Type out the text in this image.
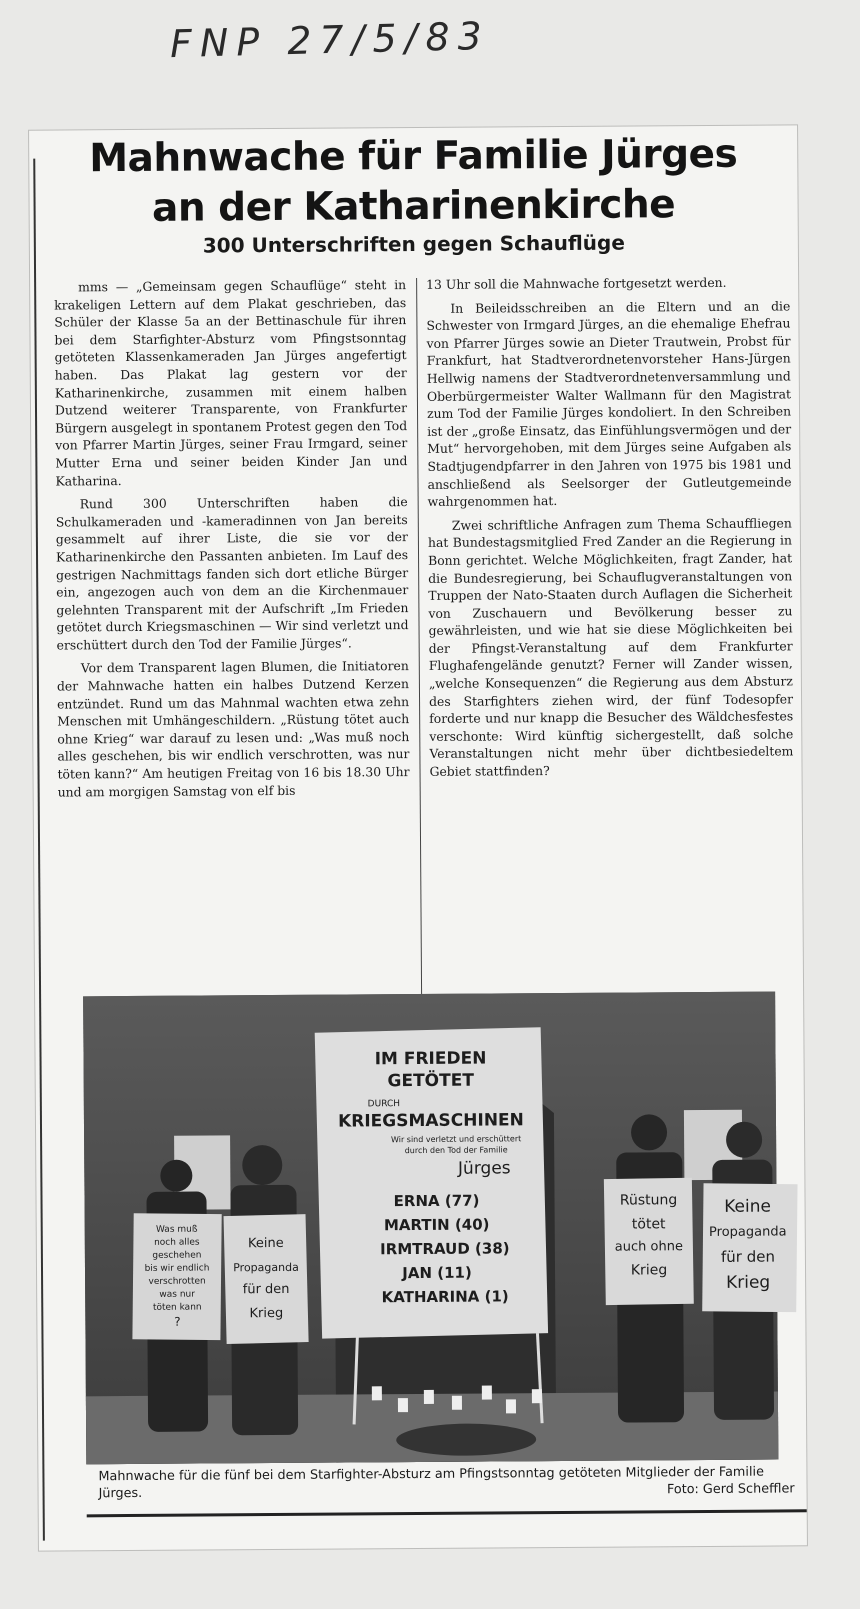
FNP 27/5/83
Mahnwache für Familie Jürges
an der Katharinenkirche
300 Unterschriften gegen Schauflüge

mms — „Gemeinsam gegen Schauflüge“ steht in krakeligen Lettern auf dem Plakat geschrieben, das Schüler der Klasse 5a an der Bettinaschule für ihren bei dem Starfighter-Absturz vom Pfingstsonntag getöteten Klassenkameraden Jan Jürges angefertigt haben. Das Plakat lag gestern vor der Katharinenkirche, zusammen mit einem halben Dutzend weiterer Transparente, von Frankfurter Bürgern ausgelegt in spontanem Protest gegen den Tod von Pfarrer Martin Jürges, seiner Frau Irmgard, seiner Mutter Erna und seiner beiden Kinder Jan und Katharina.

Rund 300 Unterschriften haben die Schulkameraden und -kameradinnen von Jan bereits gesammelt auf ihrer Liste, die sie vor der Katharinenkirche den Passanten anbieten. Im Lauf des gestrigen Nachmittags fanden sich dort etliche Bürger ein, angezogen auch von dem an die Kirchenmauer gelehnten Transparent mit der Aufschrift „Im Frieden getötet durch Kriegsmaschinen — Wir sind verletzt und erschüttert durch den Tod der Familie Jürges“.

Vor dem Transparent lagen Blumen, die Initiatoren der Mahnwache hatten ein halbes Dutzend Kerzen entzündet. Rund um das Mahnmal wachten etwa zehn Menschen mit Umhängeschildern. „Rüstung tötet auch ohne Krieg“ war darauf zu lesen und: „Was muß noch alles geschehen, bis wir endlich verschrotten, was nur töten kann?“ Am heutigen Freitag von 16 bis 18.30 Uhr und am morgigen Samstag von elf bis

13 Uhr soll die Mahnwache fortgesetzt werden.

In Beileidsschreiben an die Eltern und an die Schwester von Irmgard Jürges, an die ehemalige Ehefrau von Pfarrer Jürges sowie an Dieter Trautwein, Probst für Frankfurt, hat Stadtverordnetenvorsteher Hans-Jürgen Hellwig namens der Stadtverordnetenversammlung und Oberbürgermeister Walter Wallmann für den Magistrat zum Tod der Familie Jürges kondoliert. In den Schreiben ist der „große Einsatz, das Einfühlungsvermögen und der Mut“ hervorgehoben, mit dem Jürges seine Aufgaben als Stadtjugendpfarrer in den Jahren von 1975 bis 1981 und anschließend als Seelsorger der Gutleutgemeinde wahrgenommen hat.

Zwei schriftliche Anfragen zum Thema Schauffliegen hat Bundestagsmitglied Fred Zander an die Regierung in Bonn gerichtet. Welche Möglichkeiten, fragt Zander, hat die Bundesregierung, bei Schauflugveranstaltungen von Truppen der Nato-Staaten durch Auflagen die Sicherheit von Zuschauern und Bevölkerung besser zu gewährleisten, und wie hat sie diese Möglichkeiten bei der Pfingst-Veranstaltung auf dem Frankfurter Flughafengelände genutzt? Ferner will Zander wissen, „welche Konsequenzen“ die Regierung aus dem Absturz des Starfighters ziehen wird, der fünf Todesopfer forderte und nur knapp die Besucher des Wäldchesfestes verschonte: Wird künftig sichergestellt, daß solche Veranstaltungen nicht mehr über dichtbesiedeltem Gebiet stattfinden?

IM FRIEDEN
GETÖTET
DURCH
KRIEGSMASCHINEN
Wir sind verletzt und erschüttert
durch den Tod der Familie
Jürges
ERNA (77)
MARTIN (40)
IRMTRAUD (38)
JAN (11)
KATHARINA (1)
Was muß
noch alles
geschehen
bis wir endlich
verschrotten
was nur
töten kann
?
Keine
Propaganda
für den
Krieg
Rüstung
tötet
auch ohne
Krieg
Keine
Propaganda
für den
Krieg
Mahnwache für die fünf bei dem Starfighter-Absturz am Pfingstsonntag getöteten Mitglieder der Familie Jürges.	Foto: Gerd Scheffler
